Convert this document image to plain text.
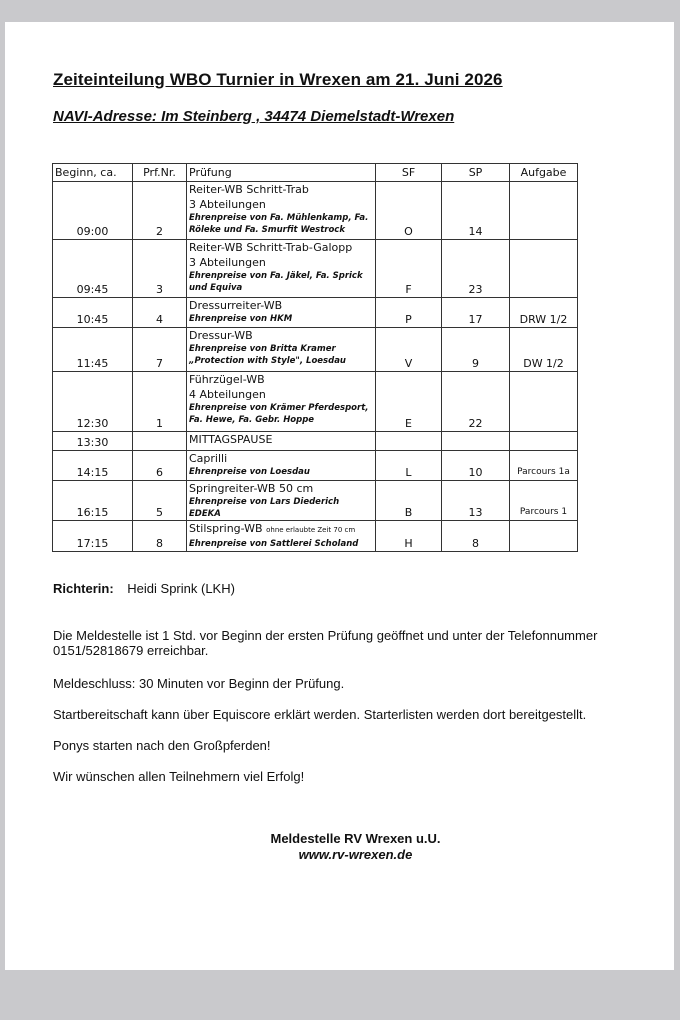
Zeiteinteilung WBO Turnier in Wrexen am 21. Juni 2026
NAVI-Adresse: Im Steinberg , 34474 Diemelstadt-Wrexen
Beginn, ca.	Prf.Nr.	Prüfung	SF	SP	Aufgabe
09:00	2	Reiter-WB Schritt-Trab
3 Abteilungen
Ehrenpreise von Fa. Mühlenkamp, Fa. Röleke und Fa. Smurfit Westrock	O	14	
09:45	3	Reiter-WB Schritt-Trab-Galopp
3 Abteilungen
Ehrenpreise von Fa. Jäkel, Fa. Sprick und Equiva	F	23	
10:45	4	Dressurreiter-WB
Ehrenpreise von HKM	P	17	DRW 1/2
11:45	7	Dressur-WB
Ehrenpreise von Britta Kramer „Protection with Style", Loesdau	V	9	DW 1/2
12:30	1	Führzügel-WB
4 Abteilungen
Ehrenpreise von Krämer Pferdesport, Fa. Hewe, Fa. Gebr. Hoppe	E	22	
13:30		MITTAGSPAUSE			

14:15	6	Caprilli
Ehrenpreise von Loesdau	L	10	Parcours 1a
16:15	5	Springreiter-WB 50 cm
Ehrenpreise von Lars Diederich EDEKA	B	13	Parcours 1
17:15	8	Stilspring-WB ohne erlaubte Zeit 70 cm
Ehrenpreise von Sattlerei Scholand	H	8	
Richterin: Heidi Sprink (LKH)
Die Meldestelle ist 1 Std. vor Beginn der ersten Prüfung geöffnet und unter der Telefonnummer 0151/52818679 erreichbar.
Meldeschluss: 30 Minuten vor Beginn der Prüfung.
Startbereitschaft kann über Equiscore erklärt werden. Starterlisten werden dort bereitgestellt.
Ponys starten nach den Großpferden!
Wir wünschen allen Teilnehmern viel Erfolg!
Meldestelle RV Wrexen u.U.
www.rv-wrexen.de
